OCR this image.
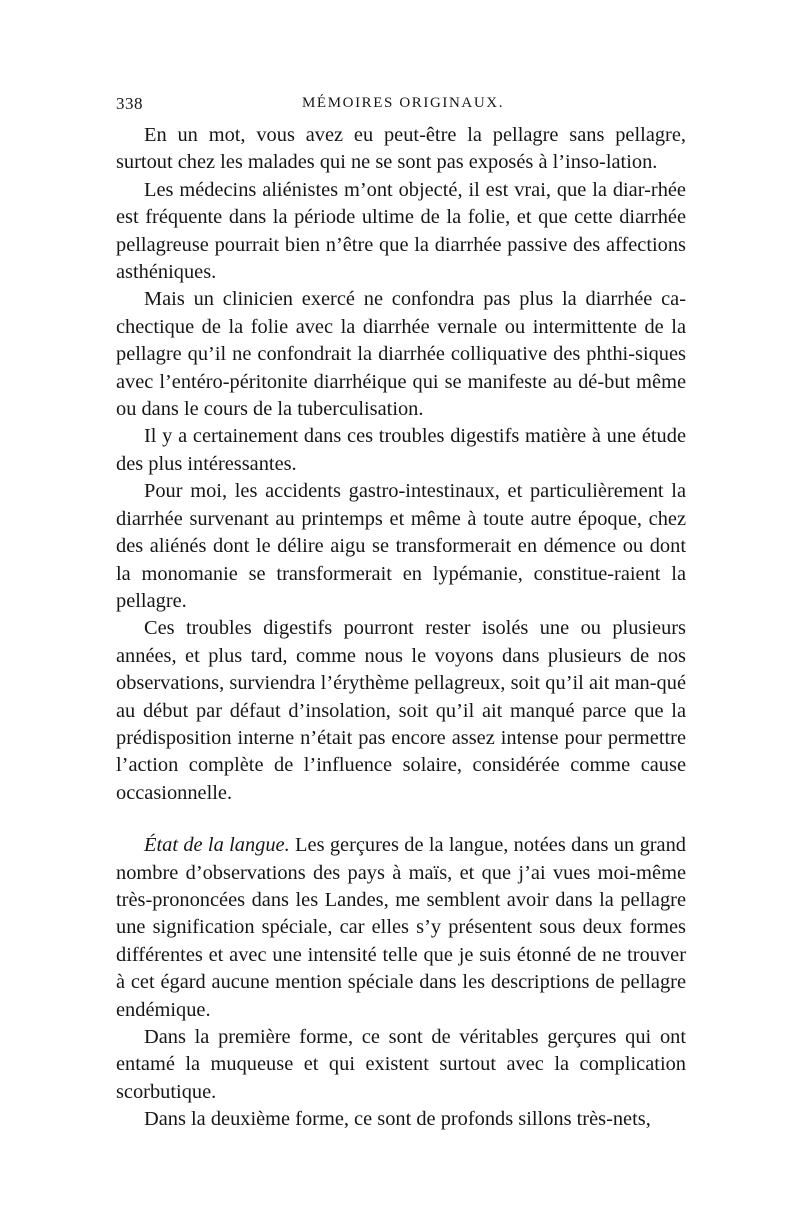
338	MÉMOIRES ORIGINAUX.

En un mot, vous avez eu peut-être la pellagre sans pellagre, surtout chez les malades qui ne se sont pas exposés à l’inso-lation.

Les médecins aliénistes m’ont objecté, il est vrai, que la diar-rhée est fréquente dans la période ultime de la folie, et que cette diarrhée pellagreuse pourrait bien n’être que la diarrhée passive des affections asthéniques.

Mais un clinicien exercé ne confondra pas plus la diarrhée ca-chectique de la folie avec la diarrhée vernale ou intermittente de la pellagre qu’il ne confondrait la diarrhée colliquative des phthi-siques avec l’entéro-péritonite diarrhéique qui se manifeste au dé-but même ou dans le cours de la tuberculisation.

Il y a certainement dans ces troubles digestifs matière à une étude des plus intéressantes.

Pour moi, les accidents gastro-intestinaux, et particulièrement la diarrhée survenant au printemps et même à toute autre époque, chez des aliénés dont le délire aigu se transformerait en démence ou dont la monomanie se transformerait en lypémanie, constitue-raient la pellagre.

Ces troubles digestifs pourront rester isolés une ou plusieurs années, et plus tard, comme nous le voyons dans plusieurs de nos observations, surviendra l’érythème pellagreux, soit qu’il ait man-qué au début par défaut d’insolation, soit qu’il ait manqué parce que la prédisposition interne n’était pas encore assez intense pour permettre l’action complète de l’influence solaire, considérée comme cause occasionnelle.

État de la langue. Les gerçures de la langue, notées dans un grand nombre d’observations des pays à maïs, et que j’ai vues moi-même très-prononcées dans les Landes, me semblent avoir dans la pellagre une signification spéciale, car elles s’y présentent sous deux formes différentes et avec une intensité telle que je suis étonné de ne trouver à cet égard aucune mention spéciale dans les descriptions de pellagre endémique.

Dans la première forme, ce sont de véritables gerçures qui ont entamé la muqueuse et qui existent surtout avec la complication scorbutique.

Dans la deuxième forme, ce sont de profonds sillons très-nets,
